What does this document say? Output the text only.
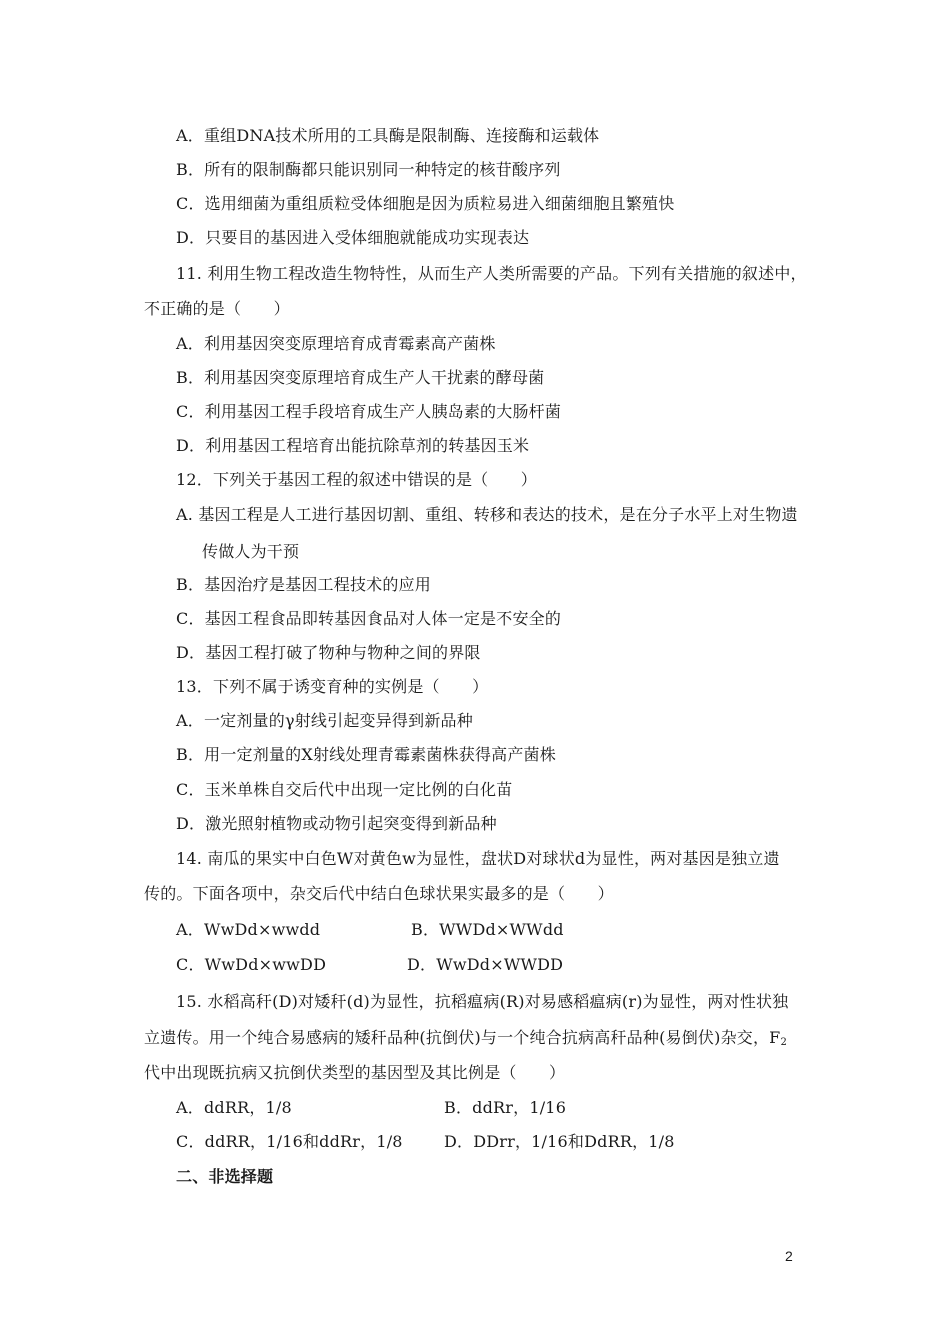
A．重组DNA技术所用的工具酶是限制酶、连接酶和运载体
B．所有的限制酶都只能识别同一种特定的核苷酸序列
C．选用细菌为重组质粒受体细胞是因为质粒易进入细菌细胞且繁殖快
D．只要目的基因进入受体细胞就能成功实现表达
11. 利用生物工程改造生物特性，从而生产人类所需要的产品。下列有关措施的叙述中，
不正确的是（　　）
A．利用基因突变原理培育成青霉素高产菌株
B．利用基因突变原理培育成生产人干扰素的酵母菌
C．利用基因工程手段培育成生产人胰岛素的大肠杆菌
D．利用基因工程培育出能抗除草剂的转基因玉米
12．下列关于基因工程的叙述中错误的是（　　）
A. 基因工程是人工进行基因切割、重组、转移和表达的技术，是在分子水平上对生物遗
传做人为干预
B．基因治疗是基因工程技术的应用
C．基因工程食品即转基因食品对人体一定是不安全的
D．基因工程打破了物种与物种之间的界限
13．下列不属于诱变育种的实例是（　　）
A．一定剂量的γ射线引起变异得到新品种
B．用一定剂量的X射线处理青霉素菌株获得高产菌株
C．玉米单株自交后代中出现一定比例的白化苗
D．激光照射植物或动物引起突变得到新品种
14. 南瓜的果实中白色W对黄色w为显性，盘状D对球状d为显性，两对基因是独立遗
传的。下面各项中，杂交后代中结白色球状果实最多的是（　　）
A．WwDd×wwdd	B．WWDd×WWdd
C．WwDd×wwDD	D．WwDd×WWDD
15. 水稻高秆(D)对矮秆(d)为显性，抗稻瘟病(R)对易感稻瘟病(r)为显性，两对性状独
立遗传。用一个纯合易感病的矮秆品种(抗倒伏)与一个纯合抗病高秆品种(易倒伏)杂交，$F_2$
代中出现既抗病又抗倒伏类型的基因型及其比例是（　　）
A．ddRR，1/8	B．ddRr，1/16
C．ddRR，1/16和ddRr，1/8	D．DDrr，1/16和DdRR，1/8
二、非选择题
2
